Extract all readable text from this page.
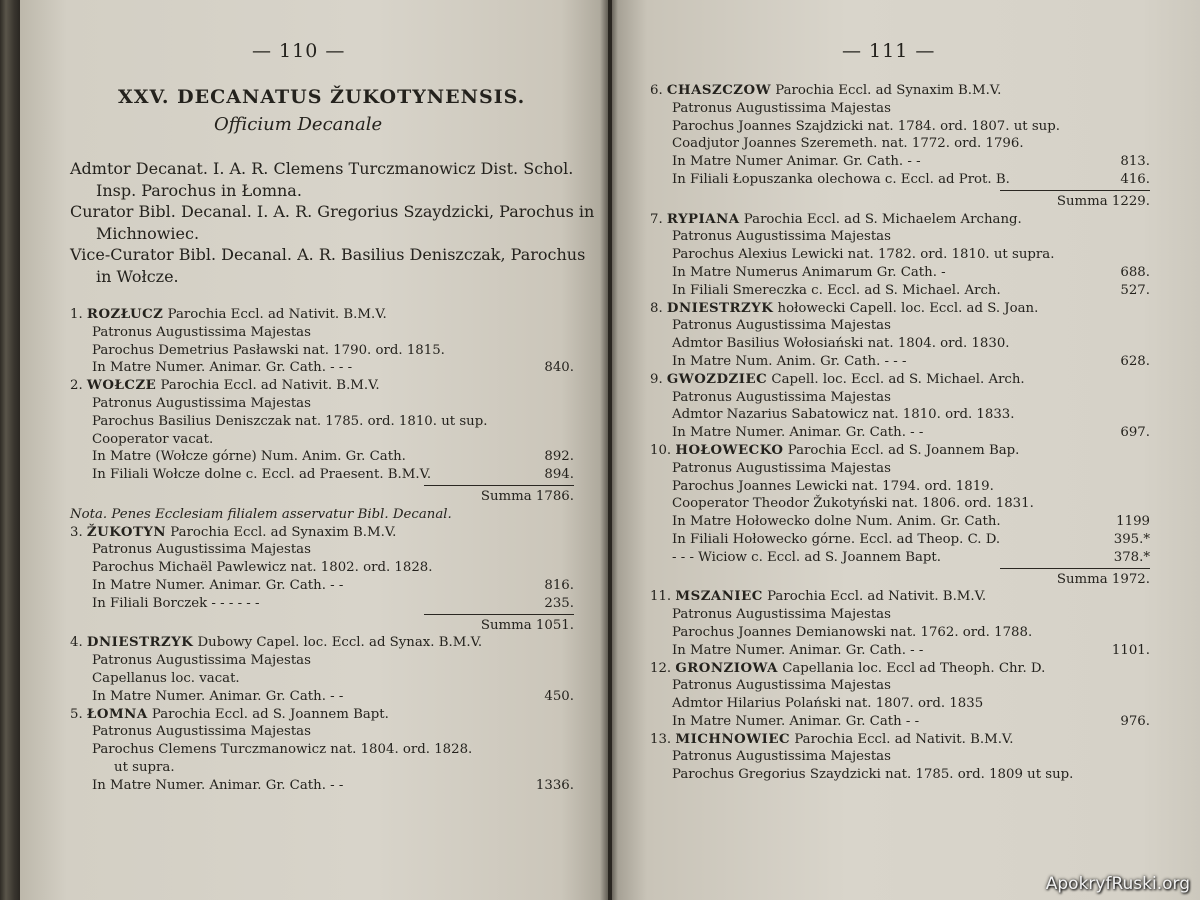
— 110 —
XXV. DECANATUS ŽUKOTYNENSIS.
Officium Decanale

Admtor Decanat. I. A. R. Clemens Turczmanowicz Dist. Schol. Insp. Parochus in Łomna.

Curator Bibl. Decanal. I. A. R. Gregorius Szaydzicki, Parochus in Michnowiec.

Vice-Curator Bibl. Decanal. A. R. Basilius Deniszczak, Parochus in Wołcze.

1. ROZŁUCZ Parochia Eccl. ad Nativit. B.M.V.
Patronus Augustissima Majestas
Parochus Demetrius Pasławski nat. 1790. ord. 1815.
In Matre Numer. Animar. Gr. Cath. - - -	840.
2. WOŁCZE Parochia Eccl. ad Nativit. B.M.V.
Patronus Augustissima Majestas
Parochus Basilius Deniszczak nat. 1785. ord. 1810. ut sup.
Cooperator vacat.
In Matre (Wołcze górne) Num. Anim. Gr. Cath.	892.
In Filiali Wołcze dolne c. Eccl. ad Praesent. B.M.V.	894.
Summa 1786.
Nota. Penes Ecclesiam filialem asservatur Bibl. Decanal.
3. ŽUKOTYN Parochia Eccl. ad Synaxim B.M.V.
Patronus Augustissima Majestas
Parochus Michaël Pawlewicz nat. 1802. ord. 1828.
In Matre Numer. Animar. Gr. Cath. - -	816.
In Filiali Borczek - - - - - -	235.
Summa 1051.
4. DNIESTRZYK Dubowy Capel. loc. Eccl. ad Synax. B.M.V.
Patronus Augustissima Majestas
Capellanus loc. vacat.
In Matre Numer. Animar. Gr. Cath. - -	450.
5. ŁOMNA Parochia Eccl. ad S. Joannem Bapt.
Patronus Augustissima Majestas
Parochus Clemens Turczmanowicz nat. 1804. ord. 1828.
ut supra.
In Matre Numer. Animar. Gr. Cath. - -	1336.
— 111 —
6. CHASZCZOW Parochia Eccl. ad Synaxim B.M.V.
Patronus Augustissima Majestas
Parochus Joannes Szajdzicki nat. 1784. ord. 1807. ut sup.
Coadjutor Joannes Szeremeth. nat. 1772. ord. 1796.
In Matre Numer Animar. Gr. Cath. - -	813.
In Filiali Łopuszanka olechowa c. Eccl. ad Prot. B.	416.
Summa 1229.
7. RYPIANA Parochia Eccl. ad S. Michaelem Archang.
Patronus Augustissima Majestas
Parochus Alexius Lewicki nat. 1782. ord. 1810. ut supra.
In Matre Numerus Animarum Gr. Cath. -	688.
In Filiali Smereczka c. Eccl. ad S. Michael. Arch.	527.
8. DNIESTRZYK hołowecki Capell. loc. Eccl. ad S. Joan.
Patronus Augustissima Majestas
Admtor Basilius Wołosiański nat. 1804. ord. 1830.
In Matre Num. Anim. Gr. Cath. - - -	628.
9. GWOZDZIEC Capell. loc. Eccl. ad S. Michael. Arch.
Patronus Augustissima Majestas
Admtor Nazarius Sabatowicz nat. 1810. ord. 1833.
In Matre Numer. Animar. Gr. Cath. - -	697.
10. HOŁOWECKO Parochia Eccl. ad S. Joannem Bap.
Patronus Augustissima Majestas
Parochus Joannes Lewicki nat. 1794. ord. 1819.
Cooperator Theodor Žukotyński nat. 1806. ord. 1831.
In Matre Hołowecko dolne Num. Anim. Gr. Cath.	1199
In Filiali Hołowecko górne. Eccl. ad Theop. C. D.	395.*
- - - Wiciow c. Eccl. ad S. Joannem Bapt.	378.*
Summa 1972.
11. MSZANIEC Parochia Eccl. ad Nativit. B.M.V.
Patronus Augustissima Majestas
Parochus Joannes Demianowski nat. 1762. ord. 1788.
In Matre Numer. Animar. Gr. Cath. - -	1101.
12. GRONZIOWA Capellania loc. Eccl ad Theoph. Chr. D.
Patronus Augustissima Majestas
Admtor Hilarius Polański nat. 1807. ord. 1835
In Matre Numer. Animar. Gr. Cath - -	976.
13. MICHNOWIEC Parochia Eccl. ad Nativit. B.M.V.
Patronus Augustissima Majestas
Parochus Gregorius Szaydzicki nat. 1785. ord. 1809 ut sup.
ApokryfRuski.org
